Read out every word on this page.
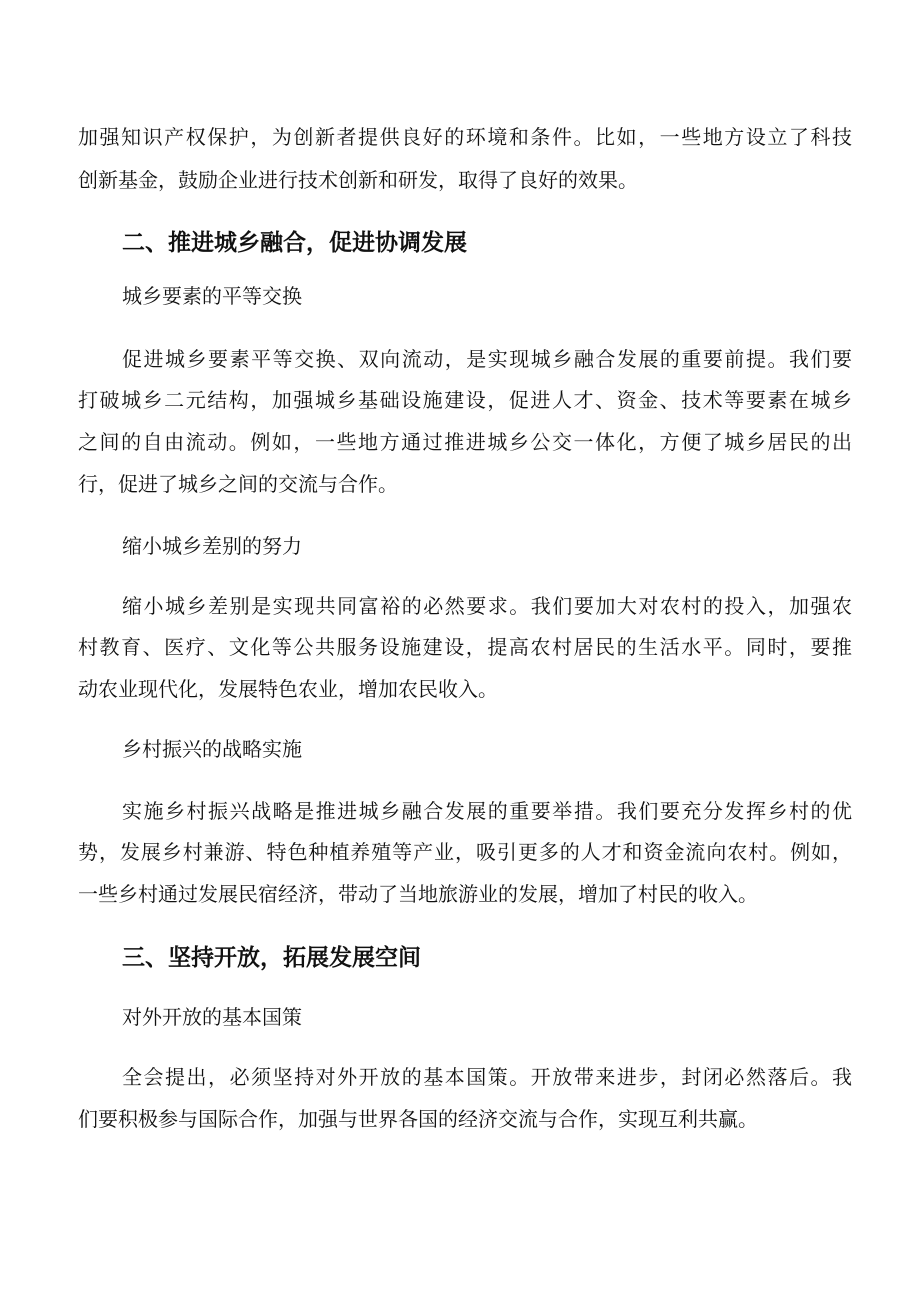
加强知识产权保护，为创新者提供良好的环境和条件。比如，一些地方设立了科技

创新基金，鼓励企业进行技术创新和研发，取得了良好的效果。

二、推进城乡融合，促进协调发展

城乡要素的平等交换

促进城乡要素平等交换、双向流动，是实现城乡融合发展的重要前提。我们要

打破城乡二元结构，加强城乡基础设施建设，促进人才、资金、技术等要素在城乡

之间的自由流动。例如，一些地方通过推进城乡公交一体化，方便了城乡居民的出

行，促进了城乡之间的交流与合作。

缩小城乡差别的努力

缩小城乡差别是实现共同富裕的必然要求。我们要加大对农村的投入，加强农

村教育、医疗、文化等公共服务设施建设，提高农村居民的生活水平。同时，要推

动农业现代化，发展特色农业，增加农民收入。

乡村振兴的战略实施

实施乡村振兴战略是推进城乡融合发展的重要举措。我们要充分发挥乡村的优

势，发展乡村兼游、特色种植养殖等产业，吸引更多的人才和资金流向农村。例如，

一些乡村通过发展民宿经济，带动了当地旅游业的发展，增加了村民的收入。

三、坚持开放，拓展发展空间

对外开放的基本国策

全会提出，必须坚持对外开放的基本国策。开放带来进步，封闭必然落后。我

们要积极参与国际合作，加强与世界各国的经济交流与合作，实现互利共赢。
